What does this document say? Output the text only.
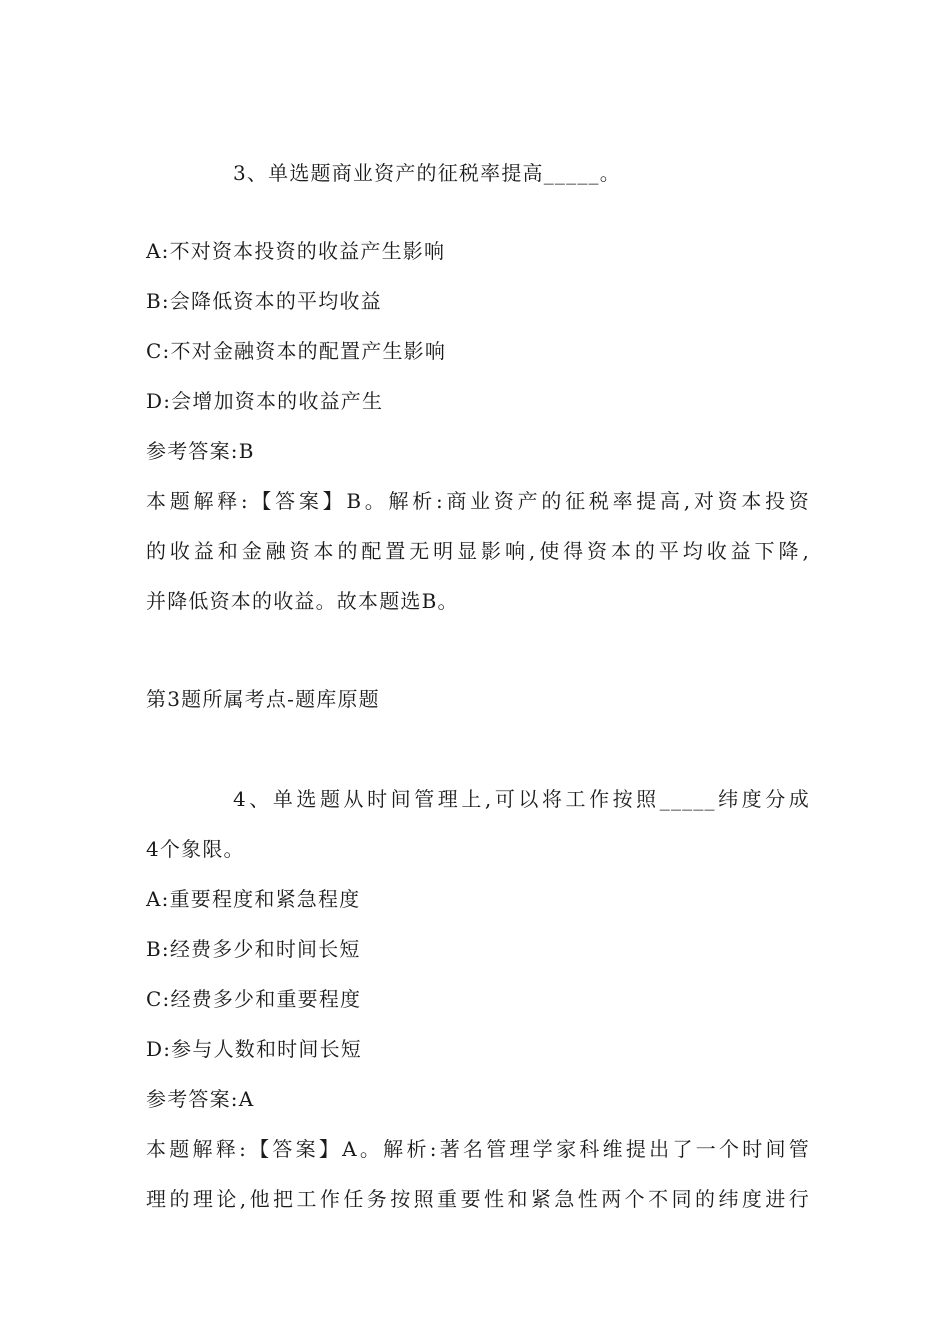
3、单选题商业资产的征税率提高_____。
A:不对资本投资的收益产生影响
B:会降低资本的平均收益
C:不对金融资本的配置产生影响
D:会增加资本的收益产生
参考答案:B
本题解释:【答案】B。解析:商业资产的征税率提高,对资本投资
的收益和金融资本的配置无明显影响,使得资本的平均收益下降,
并降低资本的收益。故本题选B。
第3题所属考点-题库原题
4、单选题从时间管理上,可以将工作按照_____纬度分成
4个象限。
A:重要程度和紧急程度
B:经费多少和时间长短
C:经费多少和重要程度
D:参与人数和时间长短
参考答案:A
本题解释:【答案】A。解析:著名管理学家科维提出了一个时间管
理的理论,他把工作任务按照重要性和紧急性两个不同的纬度进行
